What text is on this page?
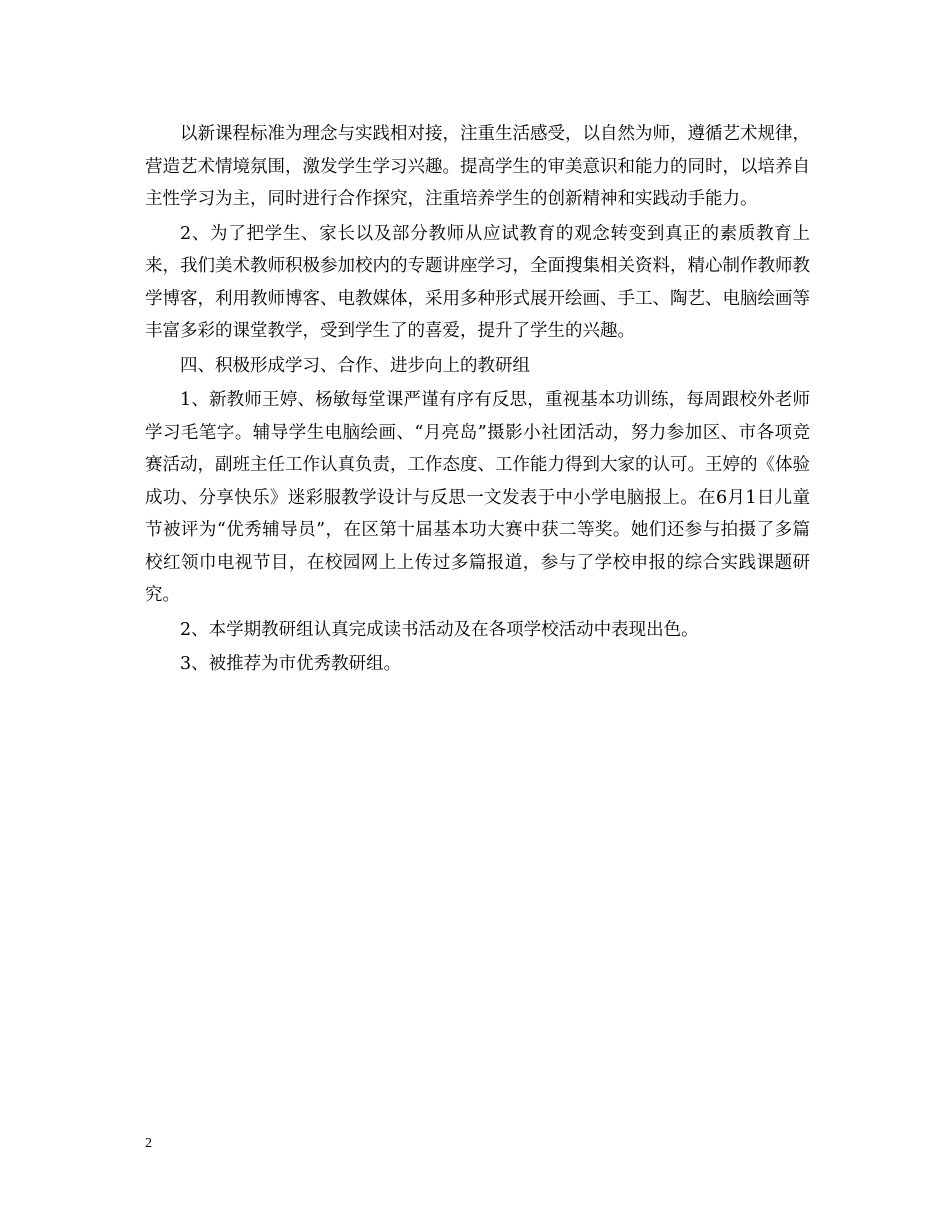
以新课程标准为理念与实践相对接，注重生活感受，以自然为师，遵循艺术规律，营造艺术情境氛围，激发学生学习兴趣。提高学生的审美意识和能力的同时，以培养自主性学习为主，同时进行合作探究，注重培养学生的创新精神和实践动手能力。

2、为了把学生、家长以及部分教师从应试教育的观念转变到真正的素质教育上来，我们美术教师积极参加校内的专题讲座学习，全面搜集相关资料，精心制作教师教学博客，利用教师博客、电教媒体，采用多种形式展开绘画、手工、陶艺、电脑绘画等丰富多彩的课堂教学，受到学生了的喜爱，提升了学生的兴趣。

四、积极形成学习、合作、进步向上的教研组

1、新教师王婷、杨敏每堂课严谨有序有反思，重视基本功训练，每周跟校外老师学习毛笔字。辅导学生电脑绘画、“月亮岛”摄影小社团活动，努力参加区、市各项竞赛活动，副班主任工作认真负责，工作态度、工作能力得到大家的认可。王婷的《体验成功、分享快乐》迷彩服教学设计与反思一文发表于中小学电脑报上。在6月1日儿童节被评为“优秀辅导员”，在区第十届基本功大赛中获二等奖。她们还参与拍摄了多篇校红领巾电视节目，在校园网上上传过多篇报道，参与了学校申报的综合实践课题研究。

2、本学期教研组认真完成读书活动及在各项学校活动中表现出色。

3、被推荐为市优秀教研组。

2
